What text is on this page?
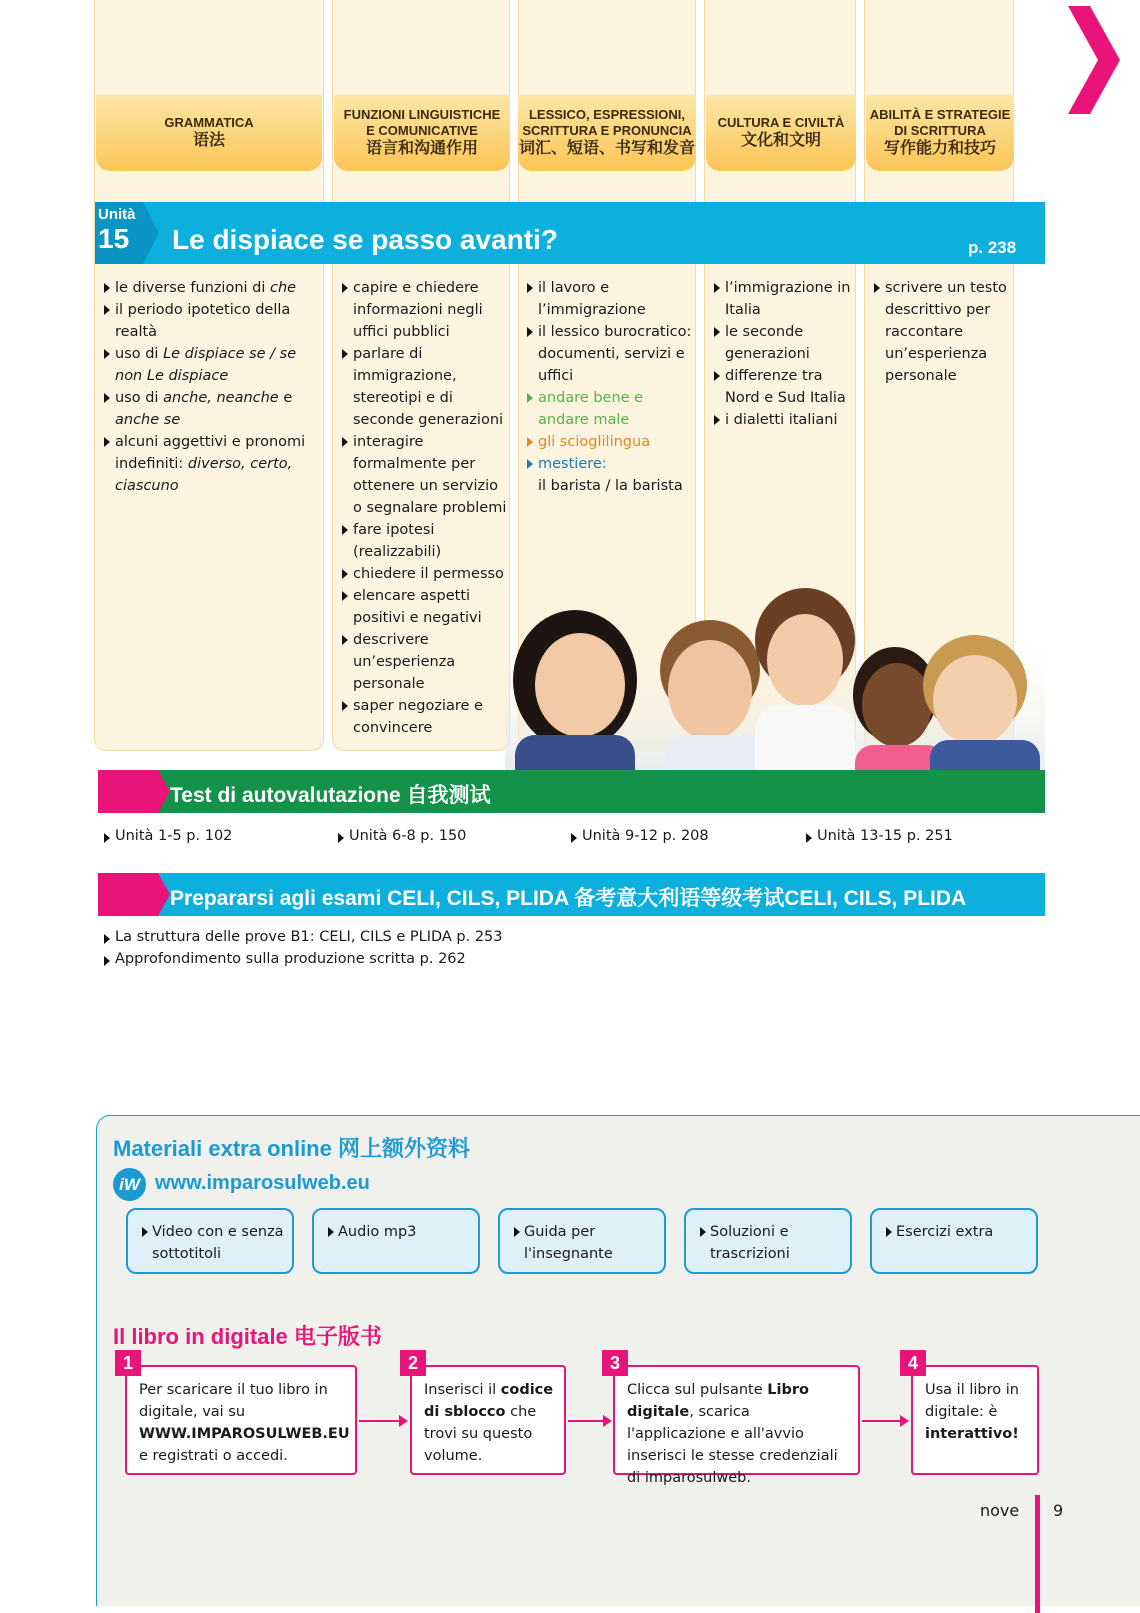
GRAMMATICA
语法
FUNZIONI LINGUISTICHE
E COMUNICATIVE
语言和沟通作用
LESSICO, ESPRESSIONI,
SCRITTURA E PRONUNCIA
词汇、短语、书写和发音
CULTURA E CIVILTÀ
文化和文明
ABILITÀ E STRATEGIE
DI SCRITTURA
写作能力和技巧
Unità
15 Le dispiace se passo avanti?	p. 238
le diverse funzioni di che
il periodo ipotetico della realtà
uso di Le dispiace se / se non Le dispiace
uso di anche, neanche e anche se
alcuni aggettivi e pronomi indefiniti: diverso, certo, ciascuno
capire e chiedere informazioni negli uffici pubblici
parlare di immigrazione, stereotipi e di seconde generazioni
interagire formalmente per ottenere un servizio o segnalare problemi
fare ipotesi (realizzabili)
chiedere il permesso
elencare aspetti positivi e negativi
descrivere un’esperienza personale
saper negoziare e convincere
il lavoro e l’immigrazione
il lessico burocratico: documenti, servizi e uffici
andare bene e andare male
gli scioglilingua
mestiere:
il barista / la barista
l’immigrazione in Italia
le seconde generazioni
differenze tra Nord e Sud Italia
i dialetti italiani
scrivere un testo descrittivo per raccontare un’esperienza personale
Test di autovalutazione 自我测试
Unità 1-5 p. 102	Unità 6-8 p. 150	Unità 9-12 p. 208	Unità 13-15 p. 251
Prepararsi agli esami CELI, CILS, PLIDA 备考意大利语等级考试CELI, CILS, PLIDA
La struttura delle prove B1: CELI, CILS e PLIDA p. 253
Approfondimento sulla produzione scritta p. 262
Materiali extra online 网上额外资料
iW www.imparosulweb.eu
Video con e senza sottotitoli
Audio mp3	Guida per l'insegnante
Soluzioni e trascrizioni
Esercizi extra
Il libro in digitale 电子版书
Per scaricare il tuo libro in digitale, vai su WWW.IMPAROSULWEB.EU e registrati o accedi.
1
Inserisci il codice di sblocco che trovi su questo volume.
2
Clicca sul pulsante Libro digitale, scarica l'applicazione e all'avvio inserisci le stesse credenziali di imparosulweb.
3
Usa il libro in digitale: è interattivo!
4
nove 9
